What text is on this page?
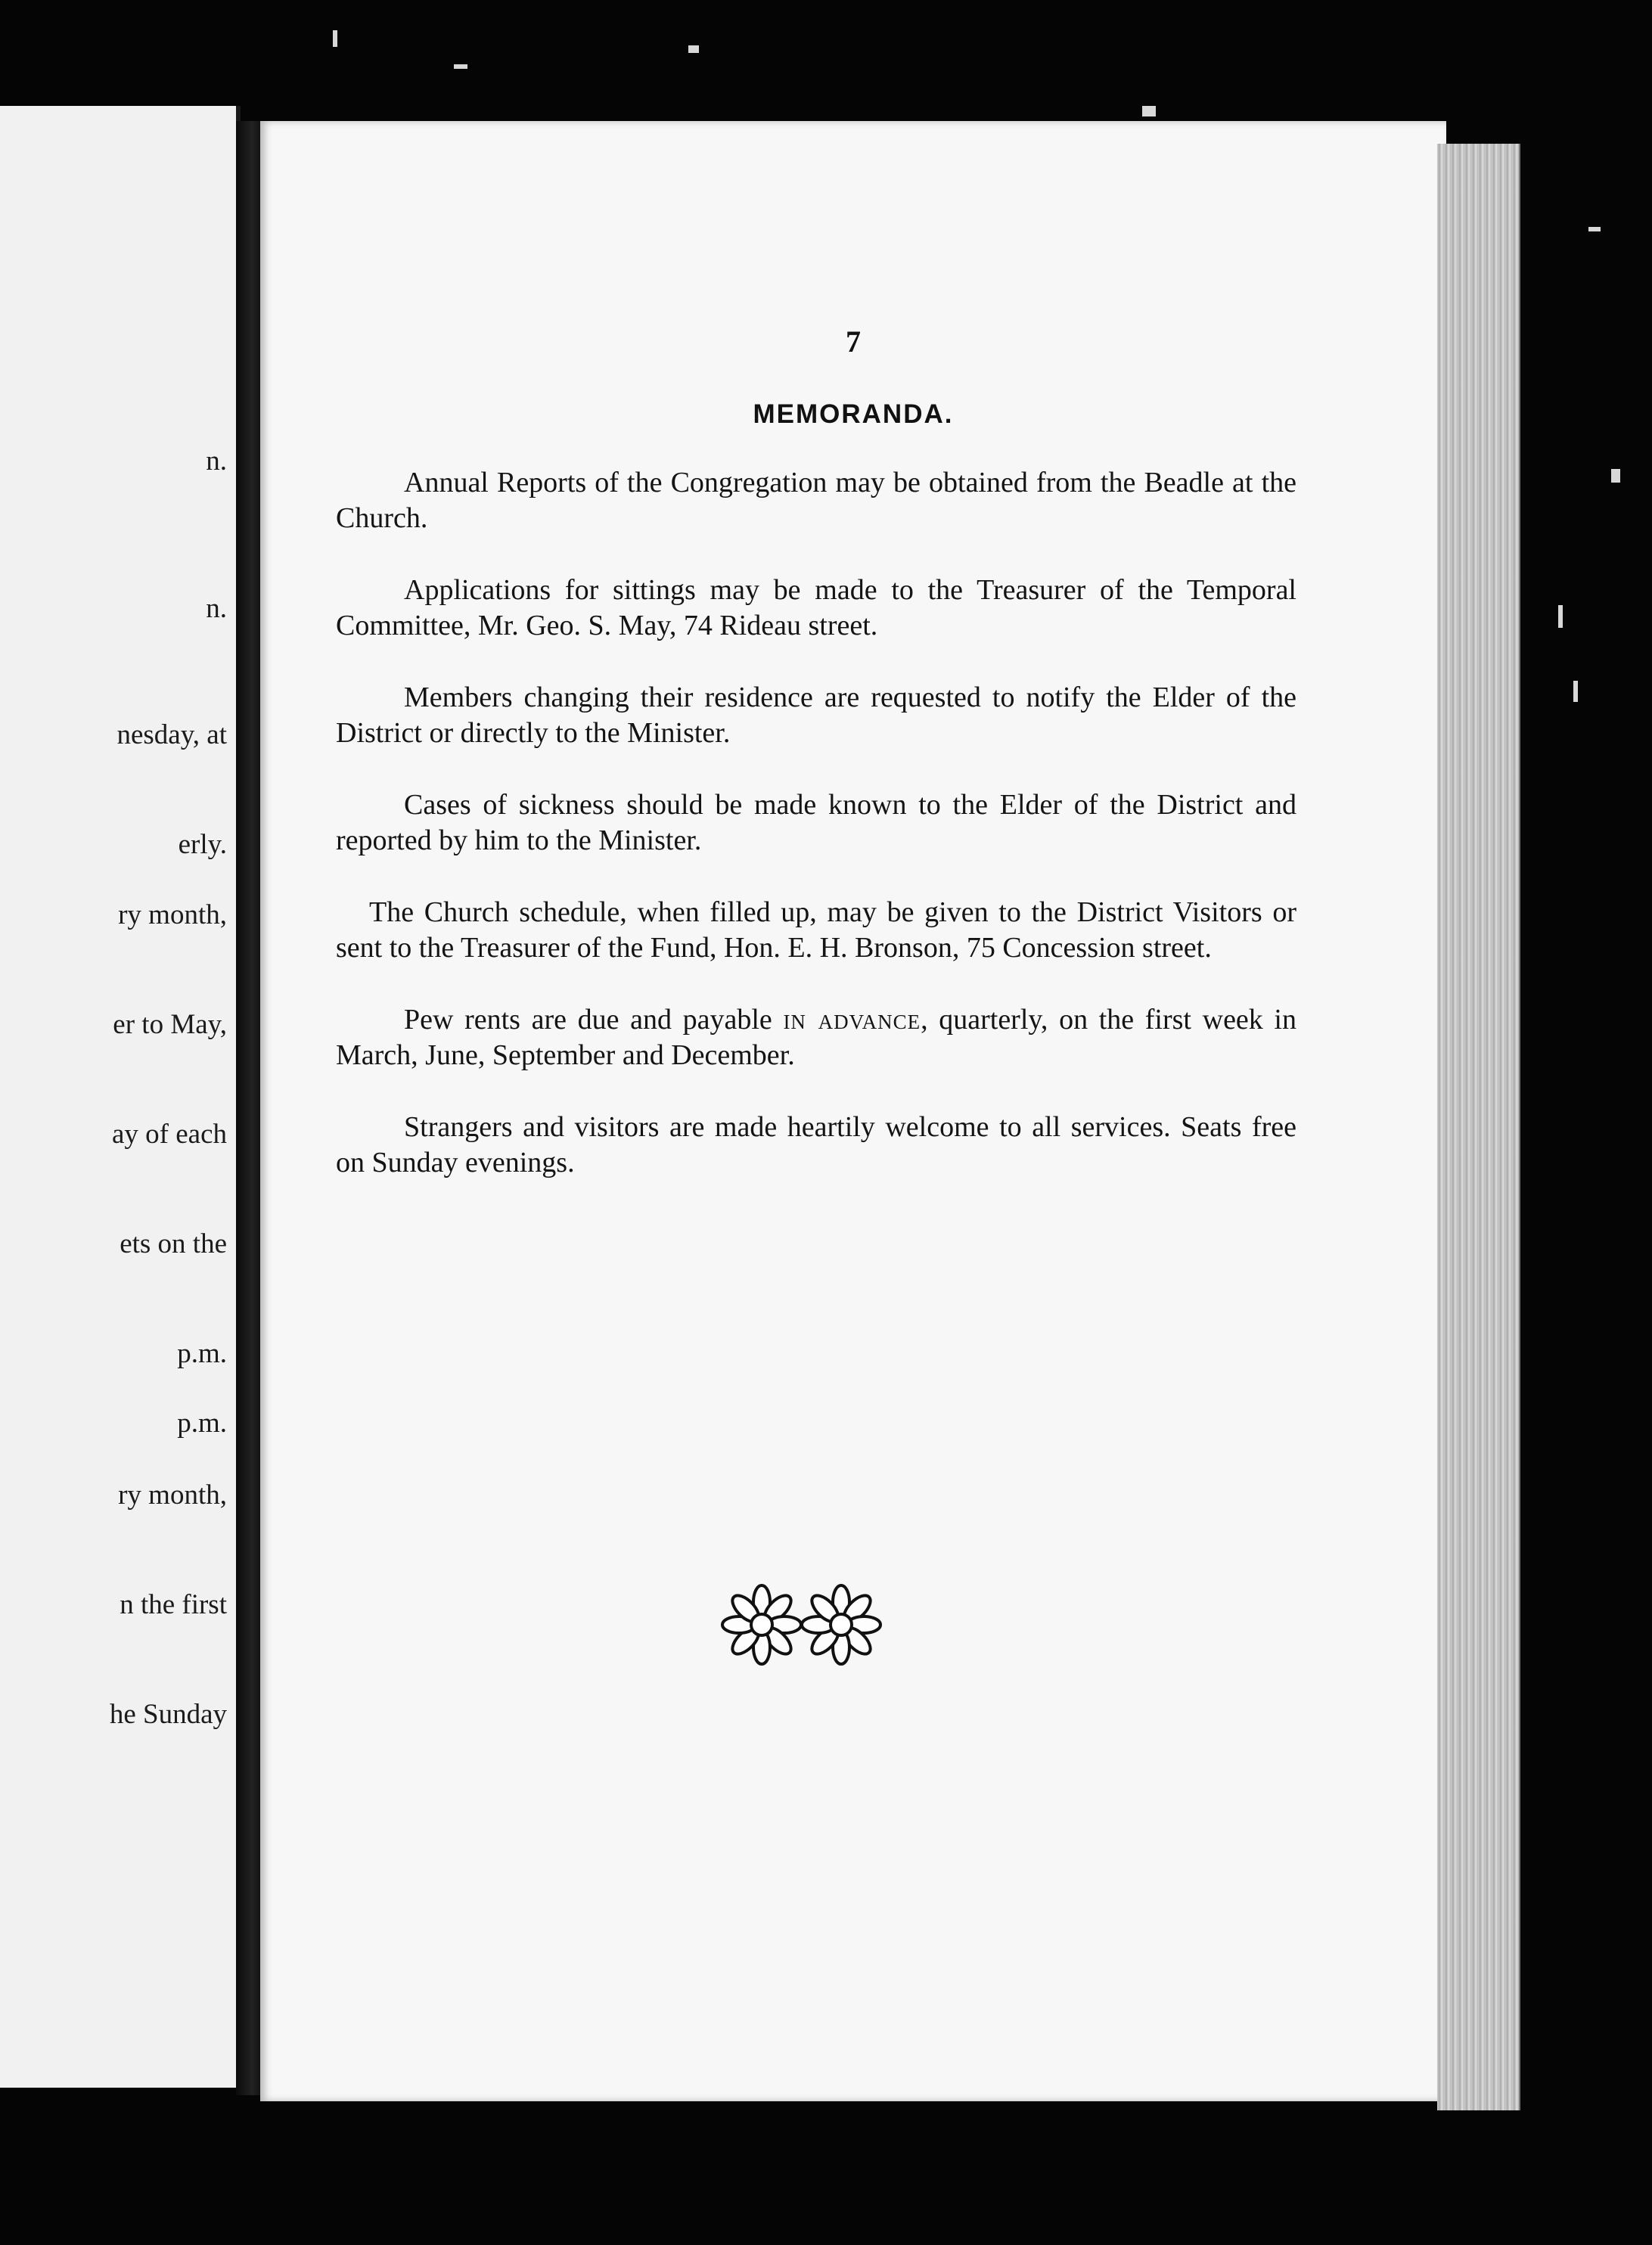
n.
n.
nesday, at
erly.
ry month,
er to May,
ay of each
ets on the
p.m.
p.m.
ry month,
n the first
he Sunday
7
MEMORANDA.

Annual Reports of the Congregation may be obtained from the Beadle at the Church.

Applications for sittings may be made to the Treasurer of the Temporal Committee, Mr. Geo. S. May, 74 Rideau street.

Members changing their residence are requested to notify the Elder of the District or directly to the Minister.

Cases of sickness should be made known to the Elder of the District and reported by him to the Minister.

The Church schedule, when filled up, may be given to the District Visitors or sent to the Treasurer of the Fund, Hon. E. H. Bronson, 75 Concession street.

Pew rents are due and payable in advance, quarterly, on the first week in March, June, September and December.

Strangers and visitors are made heartily welcome to all services. Seats free on Sunday evenings.
